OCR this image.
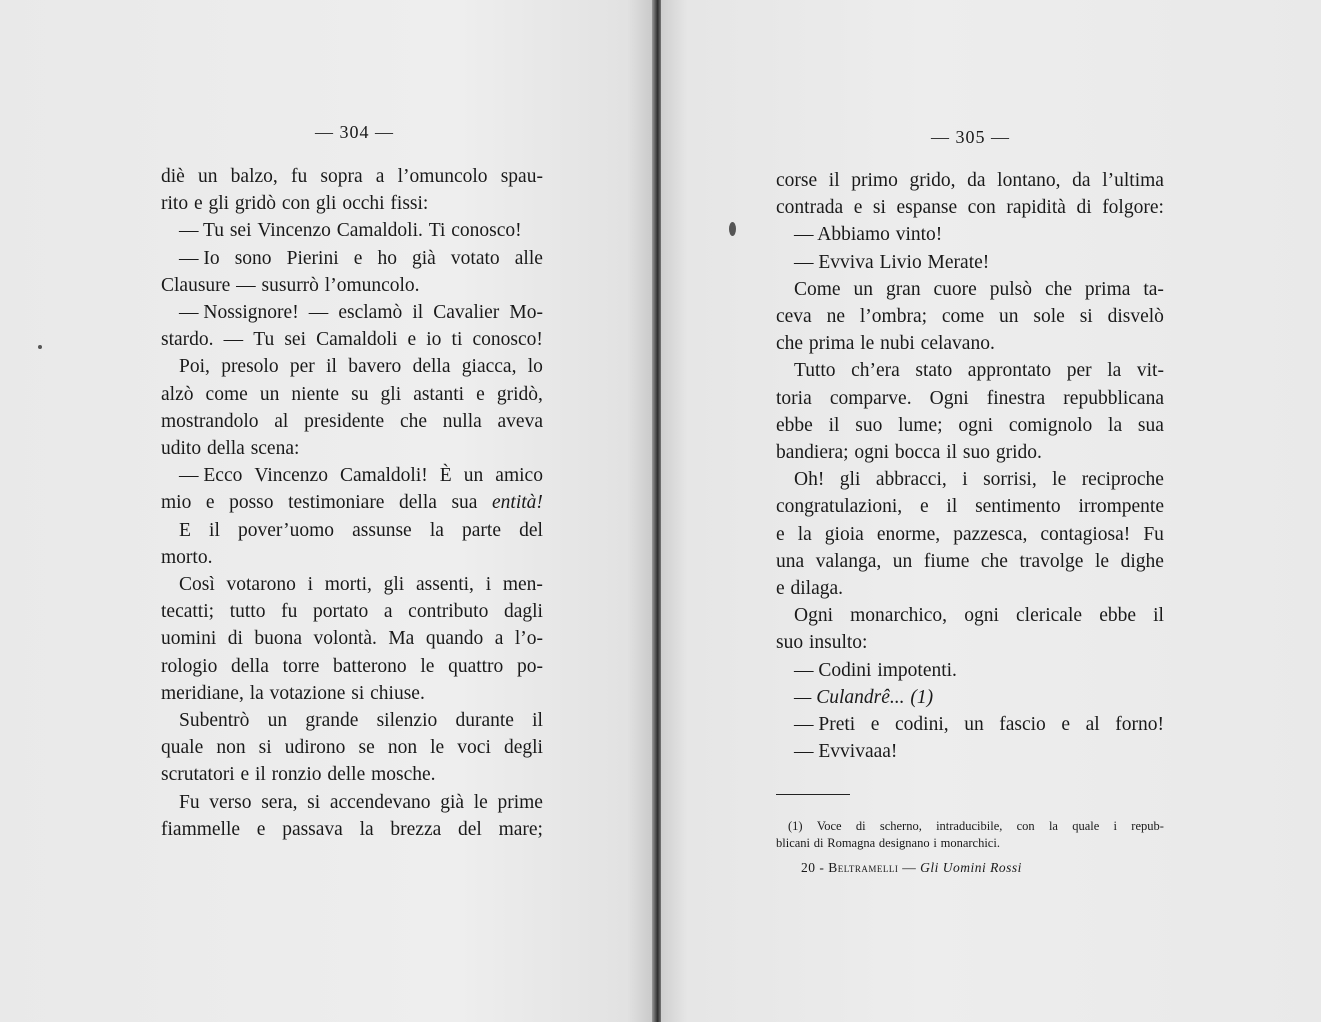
— 304 —
diè un balzo, fu sopra a l’omuncolo spau-
rito e gli gridò con gli occhi fissi:
— Tu sei Vincenzo Camaldoli. Ti conosco!
— Io sono Pierini e ho già votato alle
Clausure — susurrò l’omuncolo.
— Nossignore! — esclamò il Cavalier Mo-
stardo. — Tu sei Camaldoli e io ti conosco!
Poi, presolo per il bavero della giacca, lo
alzò come un niente su gli astanti e gridò,
mostrandolo al presidente che nulla aveva
udito della scena:
— Ecco Vincenzo Camaldoli! È un amico
mio e posso testimoniare della sua entità!
E il pover’uomo assunse la parte del
morto.
Così votarono i morti, gli assenti, i men-
tecatti; tutto fu portato a contributo dagli
uomini di buona volontà. Ma quando a l’o-
rologio della torre batterono le quattro po-
meridiane, la votazione si chiuse.
Subentrò un grande silenzio durante il
quale non si udirono se non le voci degli
scrutatori e il ronzio delle mosche.
Fu verso sera, si accendevano già le prime
fiammelle e passava la brezza del mare;
— 305 —
corse il primo grido, da lontano, da l’ultima
contrada e si espanse con rapidità di folgore:
— Abbiamo vinto!
— Evviva Livio Merate!
Come un gran cuore pulsò che prima ta-
ceva ne l’ombra; come un sole si disvelò
che prima le nubi celavano.
Tutto ch’era stato approntato per la vit-
toria comparve. Ogni finestra repubblicana
ebbe il suo lume; ogni comignolo la sua
bandiera; ogni bocca il suo grido.
Oh! gli abbracci, i sorrisi, le reciproche
congratulazioni, e il sentimento irrompente
e la gioia enorme, pazzesca, contagiosa! Fu
una valanga, un fiume che travolge le dighe
e dilaga.
Ogni monarchico, ogni clericale ebbe il
suo insulto:
— Codini impotenti.
— Culandrê... (1)
— Preti e codini, un fascio e al forno!
— Evvivaaa!
(1) Voce di scherno, intraducibile, con la quale i repub-
blicani di Romagna designano i monarchici.
20 - Beltramelli — Gli Uomini Rossi
